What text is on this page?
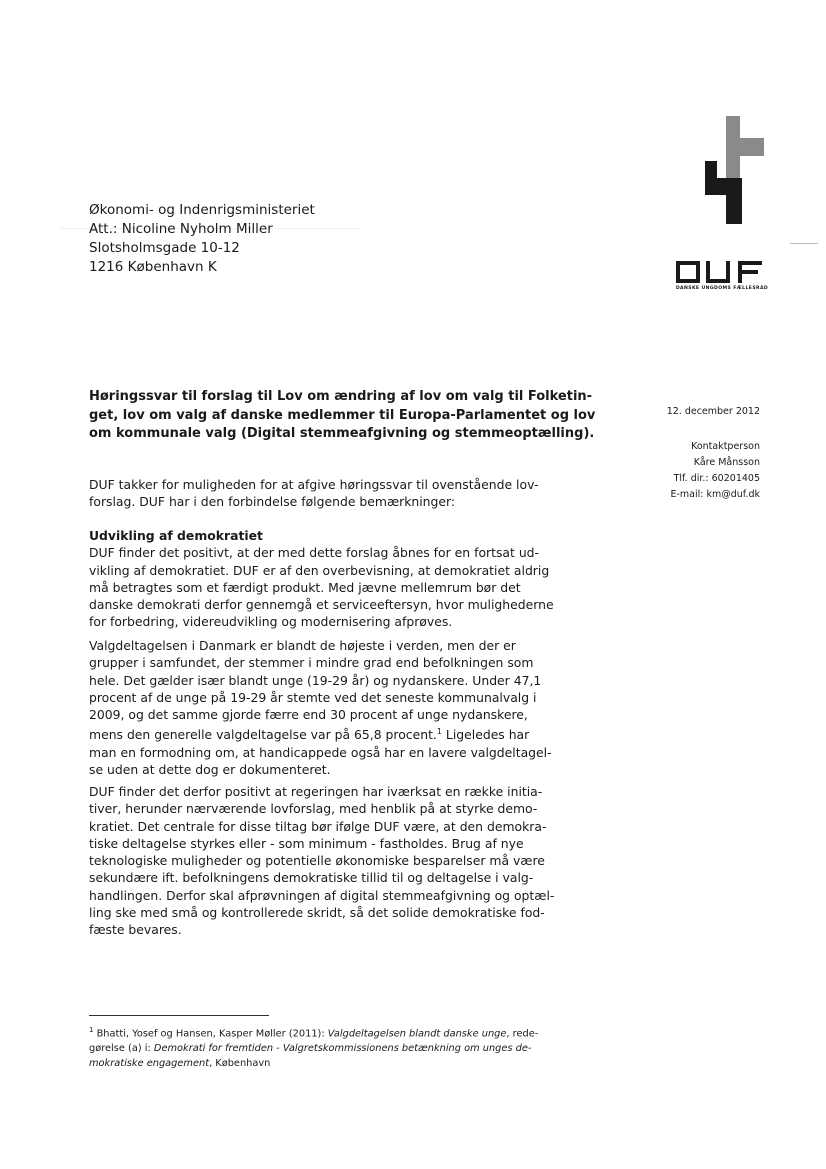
Økonomi- og Indenrigsministeriet
Att.: Nicoline Nyholm Miller
Slotsholmsgade 10-12
1216 København K
DANSKE UNGDOMS FÆLLESRÅD
12. december 2012
Kontaktperson
Kåre Månsson
Tlf. dir.: 60201405
E-mail: km@duf.dk
Høringssvar til forslag til Lov om ændring af lov om valg til Folketin-
get, lov om valg af danske medlemmer til Europa-Parlamentet og lov
om kommunale valg (Digital stemmeafgivning og stemmeoptælling).
DUF takker for muligheden for at afgive høringssvar til ovenstående lov-
forslag. DUF har i den forbindelse følgende bemærkninger:
Udvikling af demokratiet
DUF finder det positivt, at der med dette forslag åbnes for en fortsat ud-
vikling af demokratiet. DUF er af den overbevisning, at demokratiet aldrig
må betragtes som et færdigt produkt. Med jævne mellemrum bør det
danske demokrati derfor gennemgå et serviceeftersyn, hvor mulighederne
for forbedring, videreudvikling og modernisering afprøves.
Valgdeltagelsen i Danmark er blandt de højeste i verden, men der er
grupper i samfundet, der stemmer i mindre grad end befolkningen som
hele. Det gælder især blandt unge (19-29 år) og nydanskere. Under 47,1
procent af de unge på 19-29 år stemte ved det seneste kommunalvalg i
2009, og det samme gjorde færre end 30 procent af unge nydanskere,
mens den generelle valgdeltagelse var på 65,8 procent.$^1$ Ligeledes har
man en formodning om, at handicappede også har en lavere valgdeltagel-
se uden at dette dog er dokumenteret.
DUF finder det derfor positivt at regeringen har iværksat en række initia-
tiver, herunder nærværende lovforslag, med henblik på at styrke demo-
kratiet. Det centrale for disse tiltag bør ifølge DUF være, at den demokra-
tiske deltagelse styrkes eller - som minimum - fastholdes. Brug af nye
teknologiske muligheder og potentielle økonomiske besparelser må være
sekundære ift. befolkningens demokratiske tillid til og deltagelse i valg-
handlingen. Derfor skal afprøvningen af digital stemmeafgivning og optæl-
ling ske med små og kontrollerede skridt, så det solide demokratiske fod-
fæste bevares.
$^1$ Bhatti, Yosef og Hansen, Kasper Møller (2011): Valgdeltagelsen blandt danske unge, rede-
gørelse (a) i: Demokrati for fremtiden - Valgretskommissionens betænkning om unges de-
mokratiske engagement, København
